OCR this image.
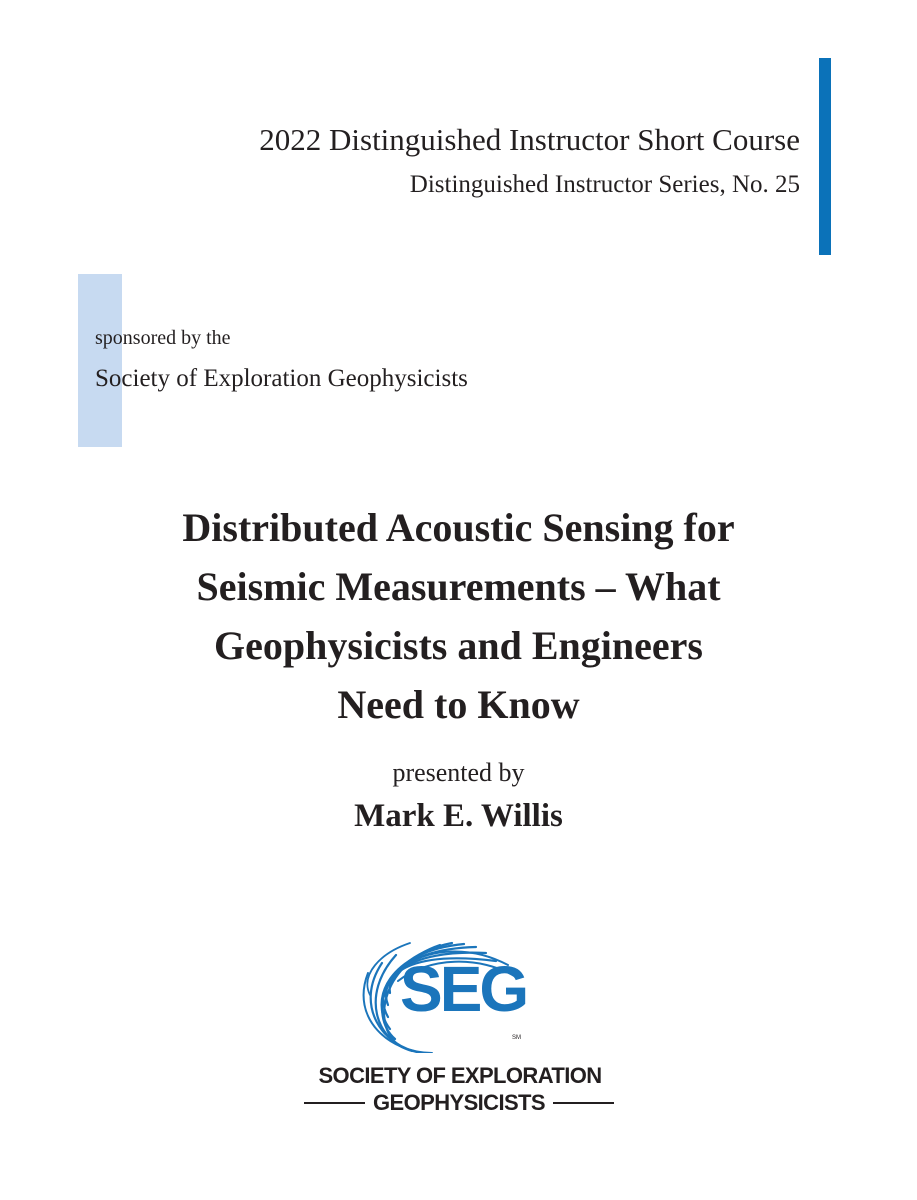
2022 Distinguished Instructor Short Course
Distinguished Instructor Series, No. 25
sponsored by the
Society of Exploration Geophysicists
Distributed Acoustic Sensing for
Seismic Measurements – What
Geophysicists and Engineers
Need to Know
presented by
Mark E. Willis
SEG
SM
SOCIETY OF EXPLORATION
GEOPHYSICISTS
